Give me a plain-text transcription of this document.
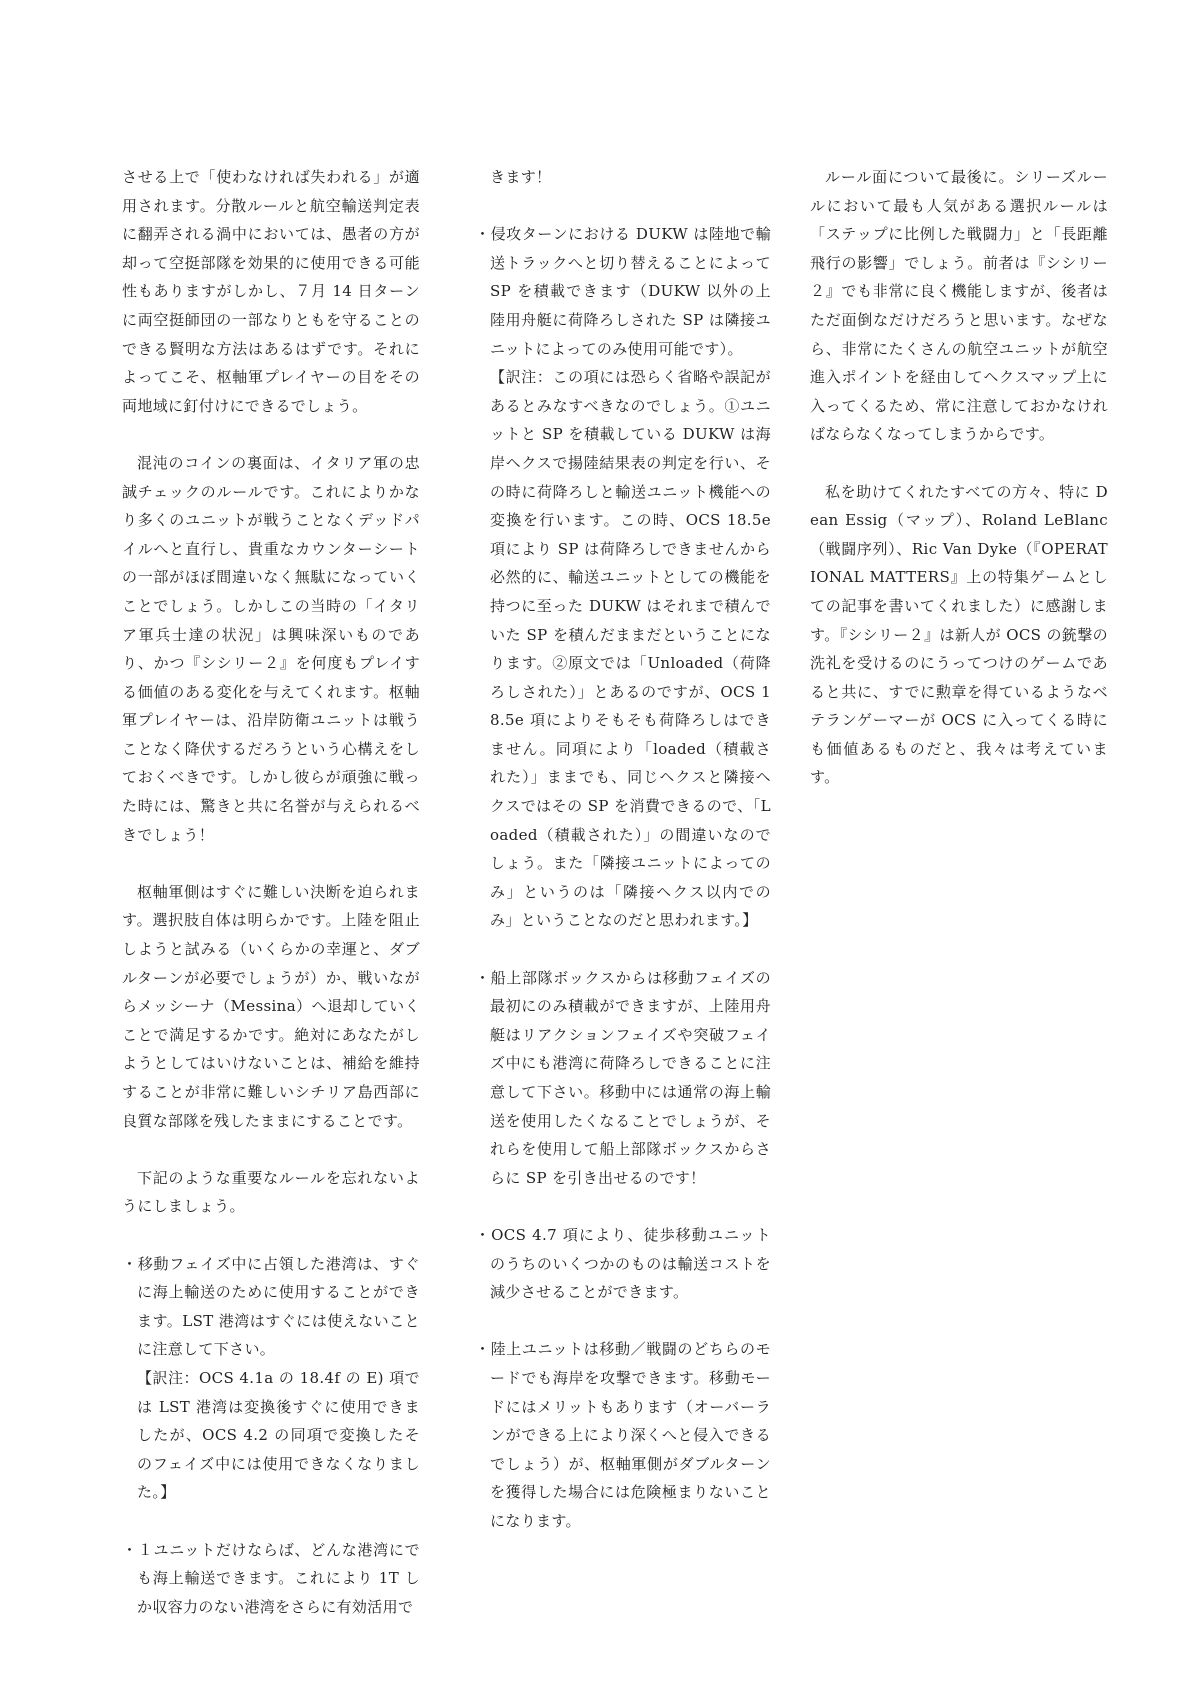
させる上で「使わなければ失われる」が適用されます。分散ルールと航空輸送判定表に翻弄される渦中においては、愚者の方が却って空挺部隊を効果的に使用できる可能性もありますがしかし、７月 14 日ターンに両空挺師団の一部なりともを守ることのできる賢明な方法はあるはずです。それによってこそ、枢軸軍プレイヤーの目をその両地域に釘付けにできるでしょう。

混沌のコインの裏面は、イタリア軍の忠誠チェックのルールです。これによりかなり多くのユニットが戦うことなくデッドパイルへと直行し、貴重なカウンターシートの一部がほぼ間違いなく無駄になっていくことでしょう。しかしこの当時の「イタリア軍兵士達の状況」は興味深いものであり、かつ『シシリー２』を何度もプレイする価値のある変化を与えてくれます。枢軸軍プレイヤーは、沿岸防衛ユニットは戦うことなく降伏するだろうという心構えをしておくべきです。しかし彼らが頑強に戦った時には、驚きと共に名誉が与えられるべきでしょう！

枢軸軍側はすぐに難しい決断を迫られます。選択肢自体は明らかです。上陸を阻止しようと試みる（いくらかの幸運と、ダブルターンが必要でしょうが）か、戦いながらメッシーナ（Messina）へ退却していくことで満足するかです。絶対にあなたがしようとしてはいけないことは、補給を維持することが非常に難しいシチリア島西部に良質な部隊を残したままにすることです。

下記のような重要なルールを忘れないようにしましょう。

・移動フェイズ中に占領した港湾は、すぐに海上輸送のために使用することができます。LST 港湾はすぐには使えないことに注意して下さい。
【訳注：OCS 4.1a の 18.4f の E) 項では LST 港湾は変換後すぐに使用できましたが、OCS 4.2 の同項で変換したそのフェイズ中には使用できなくなりました。】
・１ユニットだけならば、どんな港湾にでも海上輸送できます。これにより 1T しか収容力のない港湾をさらに有効活用で

きます！

・侵攻ターンにおける DUKW は陸地で輸送トラックへと切り替えることによって SP を積載できます（DUKW 以外の上陸用舟艇に荷降ろしされた SP は隣接ユニットによってのみ使用可能です）。
【訳注：この項には恐らく省略や誤記があるとみなすべきなのでしょう。①ユニットと SP を積載している DUKW は海岸ヘクスで揚陸結果表の判定を行い、その時に荷降ろしと輸送ユニット機能への変換を行います。この時、OCS 18.5e 項により SP は荷降ろしできませんから必然的に、輸送ユニットとしての機能を持つに至った DUKW はそれまで積んでいた SP を積んだままだということになります。②原文では「Unloaded（荷降ろしされた）」とあるのですが、OCS 18.5e 項によりそもそも荷降ろしはできません。同項により「loaded（積載された）」ままでも、同じヘクスと隣接ヘクスではその SP を消費できるので、「Loaded（積載された）」の間違いなのでしょう。また「隣接ユニットによってのみ」というのは「隣接ヘクス以内でのみ」ということなのだと思われます。】
・船上部隊ボックスからは移動フェイズの最初にのみ積載ができますが、上陸用舟艇はリアクションフェイズや突破フェイズ中にも港湾に荷降ろしできることに注意して下さい。移動中には通常の海上輸送を使用したくなることでしょうが、それらを使用して船上部隊ボックスからさらに SP を引き出せるのです！
・OCS 4.7 項により、徒歩移動ユニットのうちのいくつかのものは輸送コストを減少させることができます。
・陸上ユニットは移動／戦闘のどちらのモードでも海岸を攻撃できます。移動モードにはメリットもあります（オーバーランができる上により深くへと侵入できるでしょう）が、枢軸軍側がダブルターンを獲得した場合には危険極まりないことになります。

ルール面について最後に。シリーズルールにおいて最も人気がある選択ルールは「ステップに比例した戦闘力」と「長距離飛行の影響」でしょう。前者は『シシリー２』でも非常に良く機能しますが、後者はただ面倒なだけだろうと思います。なぜなら、非常にたくさんの航空ユニットが航空進入ポイントを経由してヘクスマップ上に入ってくるため、常に注意しておかなければならなくなってしまうからです。

私を助けてくれたすべての方々、特に Dean Essig（マップ）、Roland LeBlanc（戦闘序列）、Ric Van Dyke（『OPERATIONAL MATTERS』上の特集ゲームとしての記事を書いてくれました）に感謝します。『シシリー２』は新人が OCS の銃撃の洗礼を受けるのにうってつけのゲームであると共に、すでに勲章を得ているようなベテランゲーマーが OCS に入ってくる時にも価値あるものだと、我々は考えています。
